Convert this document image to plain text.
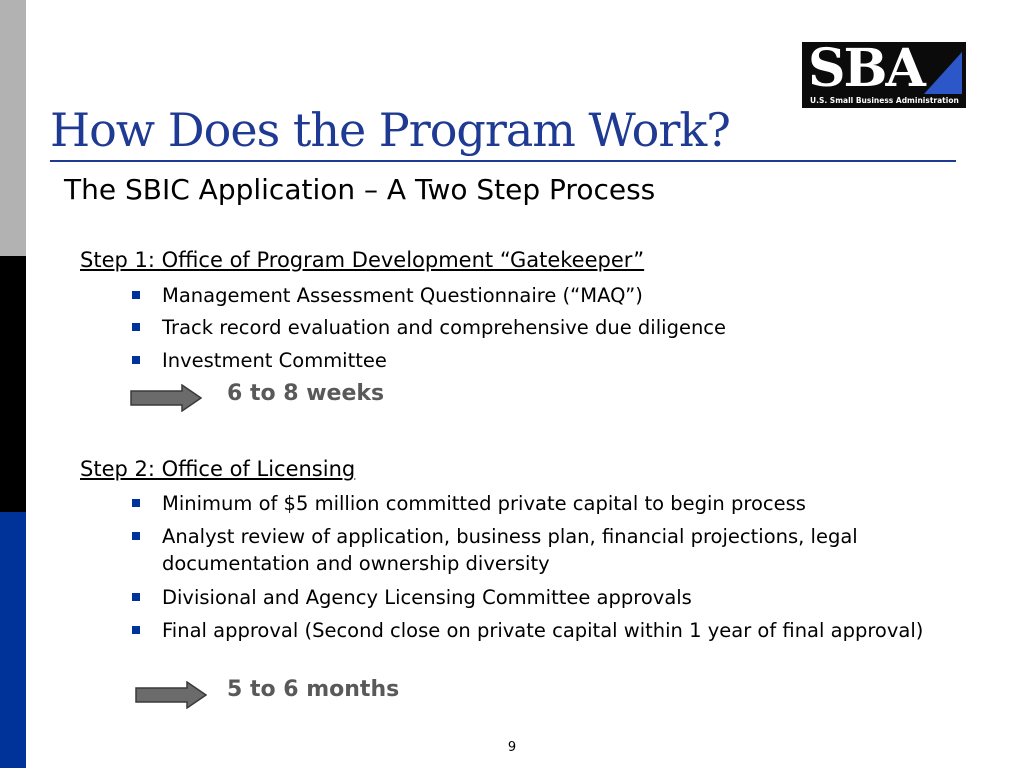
SBA
U.S. Small Business Administration
How Does the Program Work?
The SBIC Application – A Two Step Process
Step 1: Office of Program Development “Gatekeeper”
Management Assessment Questionnaire (“MAQ”)
Track record evaluation and comprehensive due diligence
Investment Committee
6 to 8 weeks
Step 2: Office of Licensing
Minimum of $5 million committed private capital to begin process
Analyst review of application, business plan, financial projections, legal documentation and ownership diversity
Divisional and Agency Licensing Committee approvals
Final approval (Second close on private capital within 1 year of final approval)
5 to 6 months
9
